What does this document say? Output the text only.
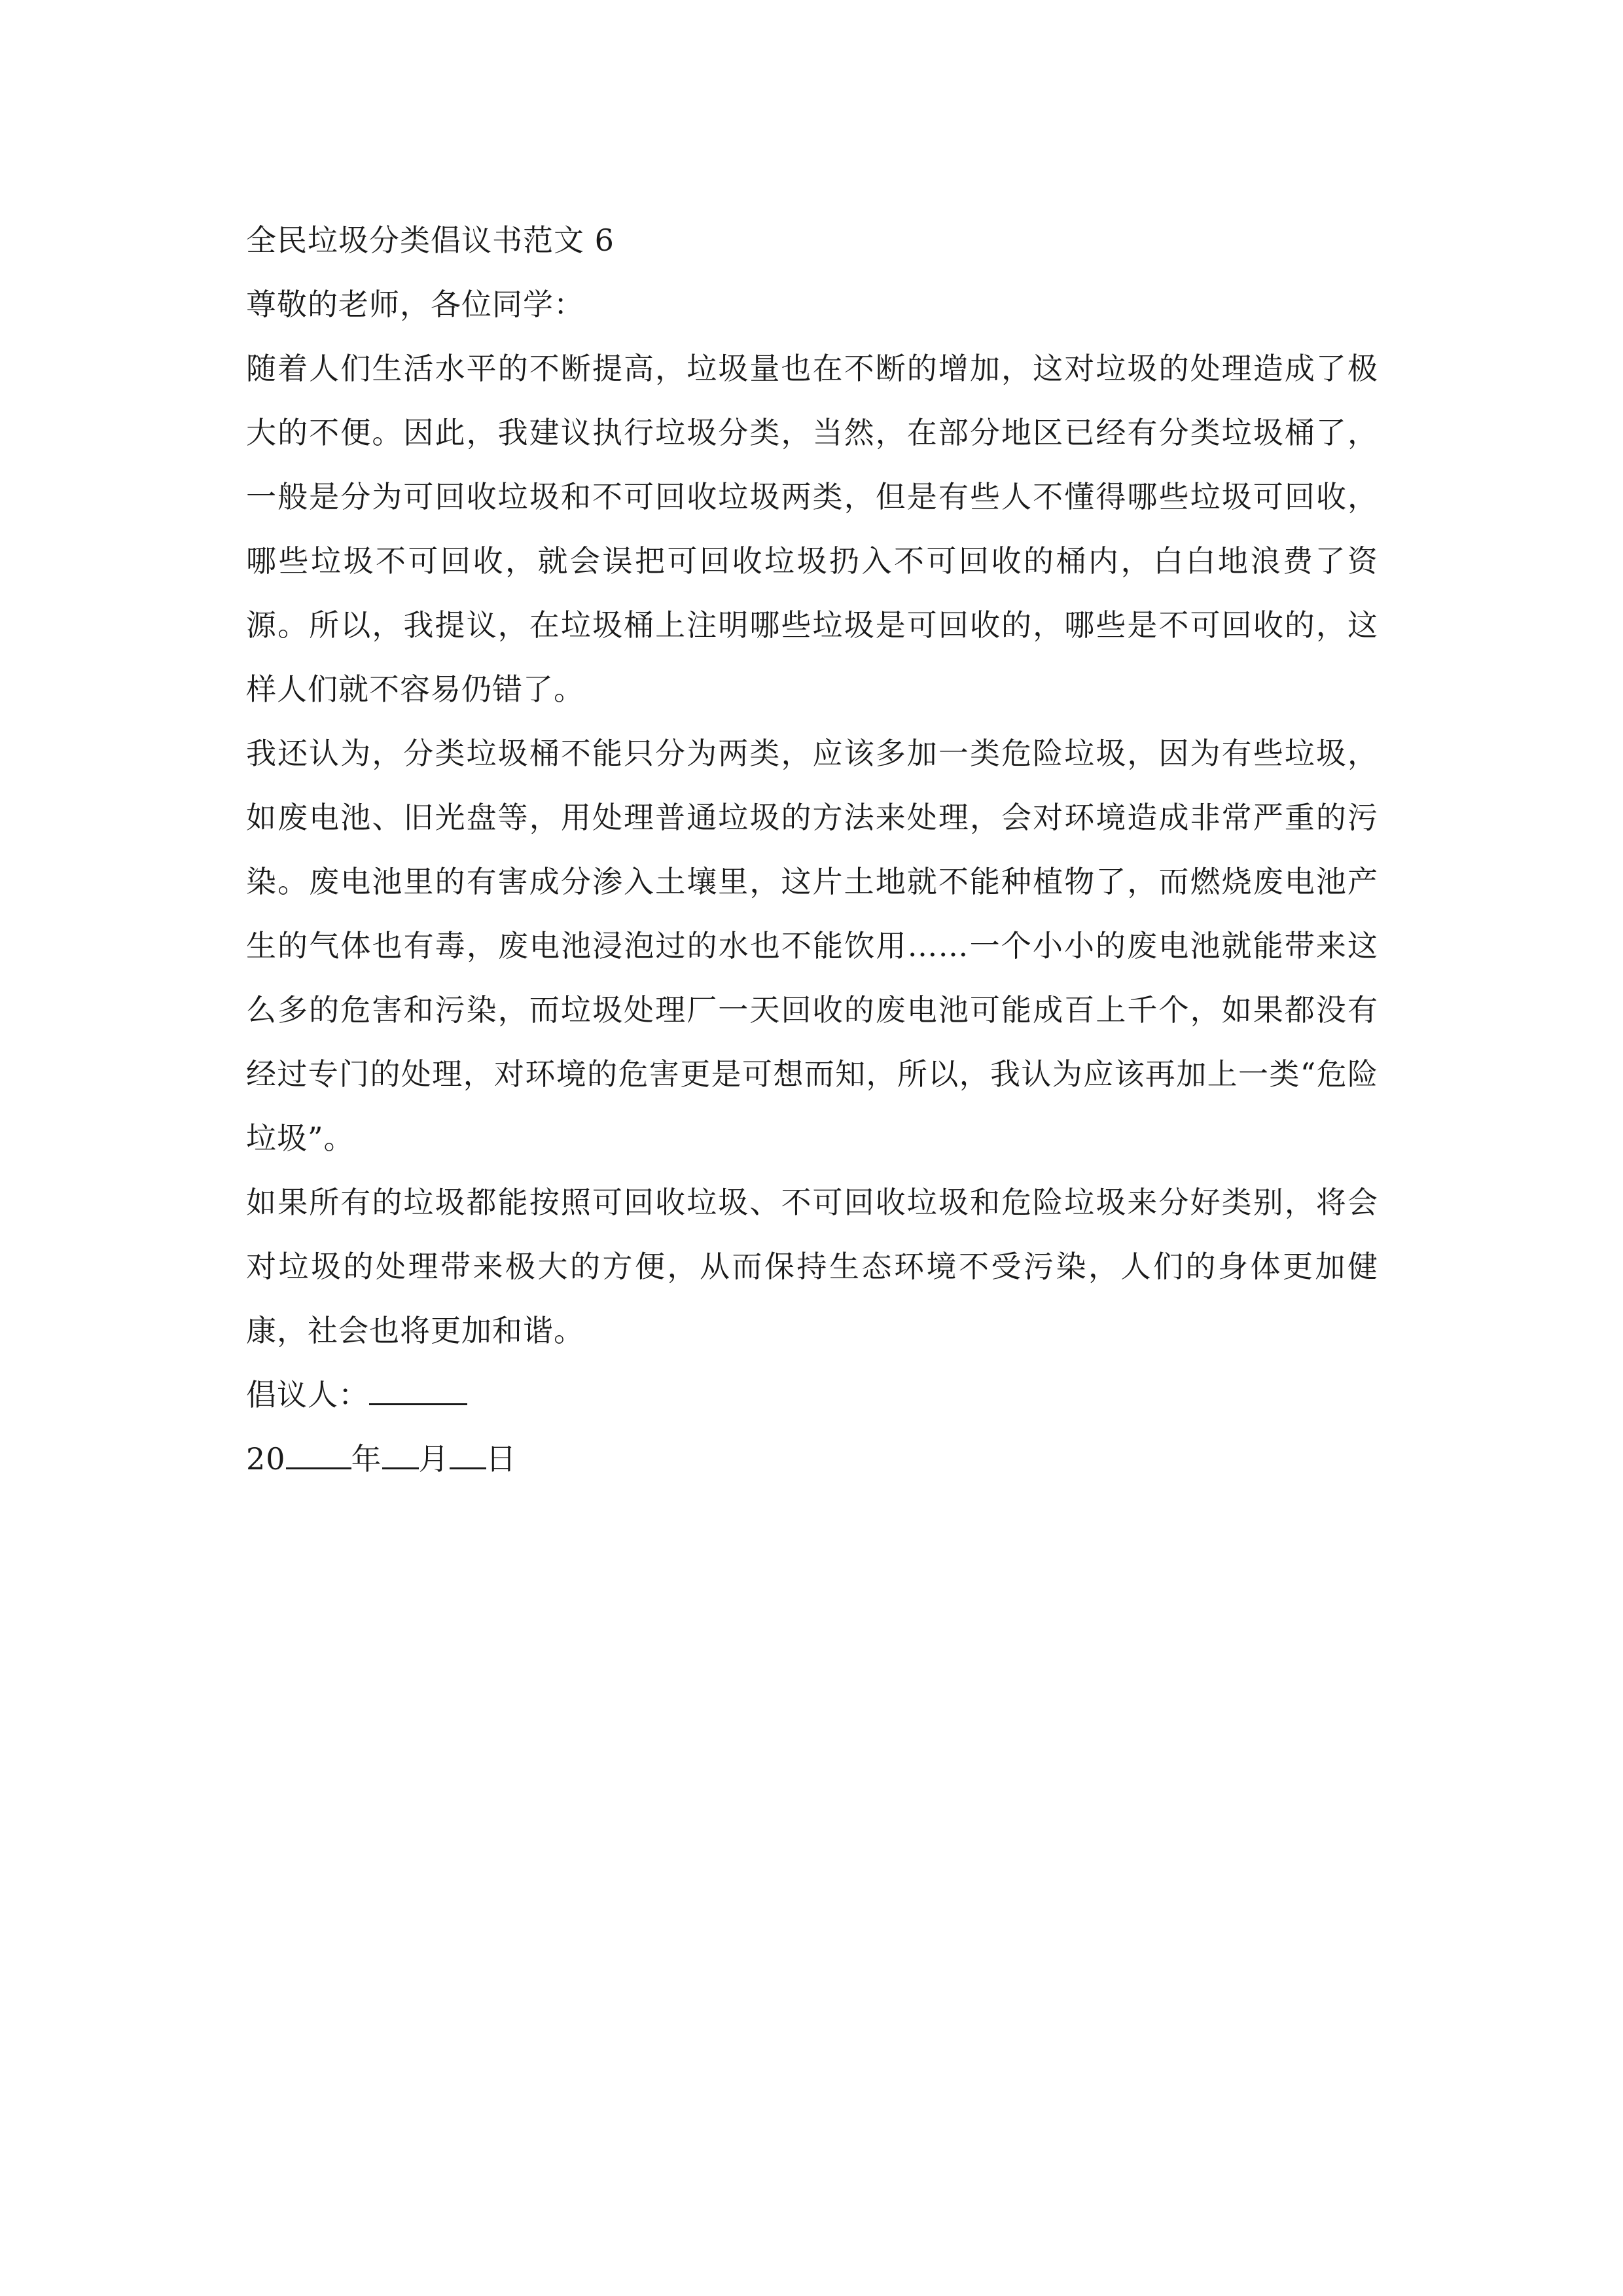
全民垃圾分类倡议书范文 6

尊敬的老师，各位同学：

随着人们生活水平的不断提高，垃圾量也在不断的增加，这对垃圾的处理造成了极大的不便。因此，我建议执行垃圾分类，当然，在部分地区已经有分类垃圾桶了，一般是分为可回收垃圾和不可回收垃圾两类，但是有些人不懂得哪些垃圾可回收，哪些垃圾不可回收，就会误把可回收垃圾扔入不可回收的桶内，白白地浪费了资源。所以，我提议，在垃圾桶上注明哪些垃圾是可回收的，哪些是不可回收的，这样人们就不容易仍错了。

我还认为，分类垃圾桶不能只分为两类，应该多加一类危险垃圾，因为有些垃圾，如废电池、旧光盘等，用处理普通垃圾的方法来处理，会对环境造成非常严重的污染。废电池里的有害成分渗入土壤里，这片土地就不能种植物了，而燃烧废电池产生的气体也有毒，废电池浸泡过的水也不能饮用……一个小小的废电池就能带来这么多的危害和污染，而垃圾处理厂一天回收的废电池可能成百上千个，如果都没有经过专门的处理，对环境的危害更是可想而知，所以，我认为应该再加上一类“危险垃圾”。

如果所有的垃圾都能按照可回收垃圾、不可回收垃圾和危险垃圾来分好类别，将会对垃圾的处理带来极大的方便，从而保持生态环境不受污染，人们的身体更加健康，社会也将更加和谐。

倡议人：

20 年 月 日
